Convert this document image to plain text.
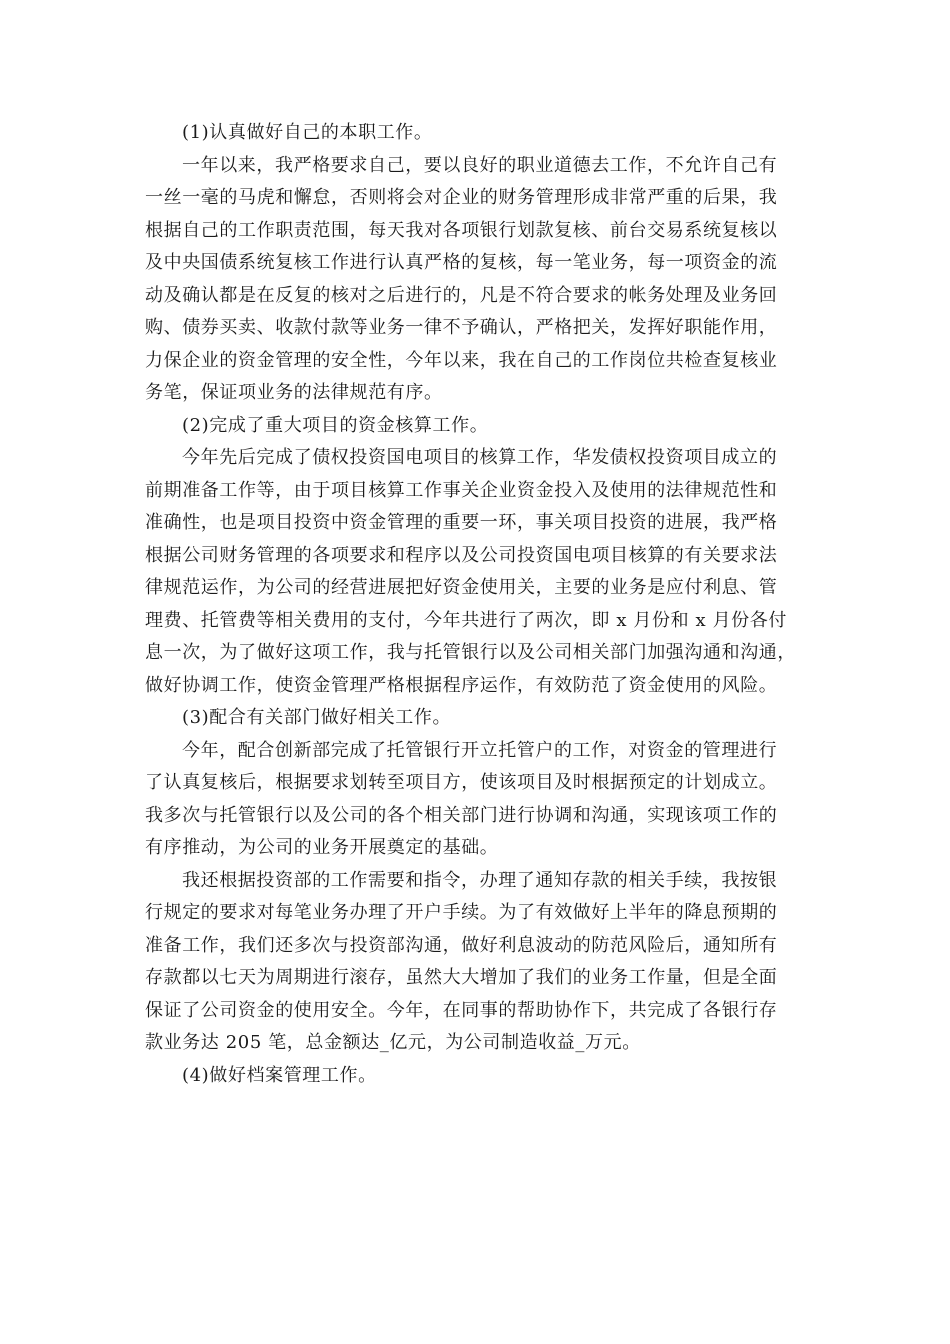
(1)认真做好自己的本职工作。

一年以来，我严格要求自己，要以良好的职业道德去工作，不允许自己有
一丝一毫的马虎和懈怠，否则将会对企业的财务管理形成非常严重的后果，我
根据自己的工作职责范围，每天我对各项银行划款复核、前台交易系统复核以
及中央国债系统复核工作进行认真严格的复核，每一笔业务，每一项资金的流
动及确认都是在反复的核对之后进行的，凡是不符合要求的帐务处理及业务回
购、债券买卖、收款付款等业务一律不予确认，严格把关，发挥好职能作用，
力保企业的资金管理的安全性，今年以来，我在自己的工作岗位共检查复核业
务笔，保证项业务的法律规范有序。

(2)完成了重大项目的资金核算工作。

今年先后完成了债权投资国电项目的核算工作，华发债权投资项目成立的
前期准备工作等，由于项目核算工作事关企业资金投入及使用的法律规范性和
准确性，也是项目投资中资金管理的重要一环，事关项目投资的进展，我严格
根据公司财务管理的各项要求和程序以及公司投资国电项目核算的有关要求法
律规范运作，为公司的经营进展把好资金使用关，主要的业务是应付利息、管
理费、托管费等相关费用的支付，今年共进行了两次，即 x 月份和 x 月份各付
息一次，为了做好这项工作，我与托管银行以及公司相关部门加强沟通和沟通，
做好协调工作，使资金管理严格根据程序运作，有效防范了资金使用的风险。

(3)配合有关部门做好相关工作。

今年，配合创新部完成了托管银行开立托管户的工作，对资金的管理进行
了认真复核后，根据要求划转至项目方，使该项目及时根据预定的计划成立。
我多次与托管银行以及公司的各个相关部门进行协调和沟通，实现该项工作的
有序推动，为公司的业务开展奠定的基础。

我还根据投资部的工作需要和指令，办理了通知存款的相关手续，我按银
行规定的要求对每笔业务办理了开户手续。为了有效做好上半年的降息预期的
准备工作，我们还多次与投资部沟通，做好利息波动的防范风险后，通知所有
存款都以七天为周期进行滚存，虽然大大增加了我们的业务工作量，但是全面
保证了公司资金的使用安全。今年，在同事的帮助协作下，共完成了各银行存
款业务达 205 笔，总金额达_亿元，为公司制造收益_万元。

(4)做好档案管理工作。
